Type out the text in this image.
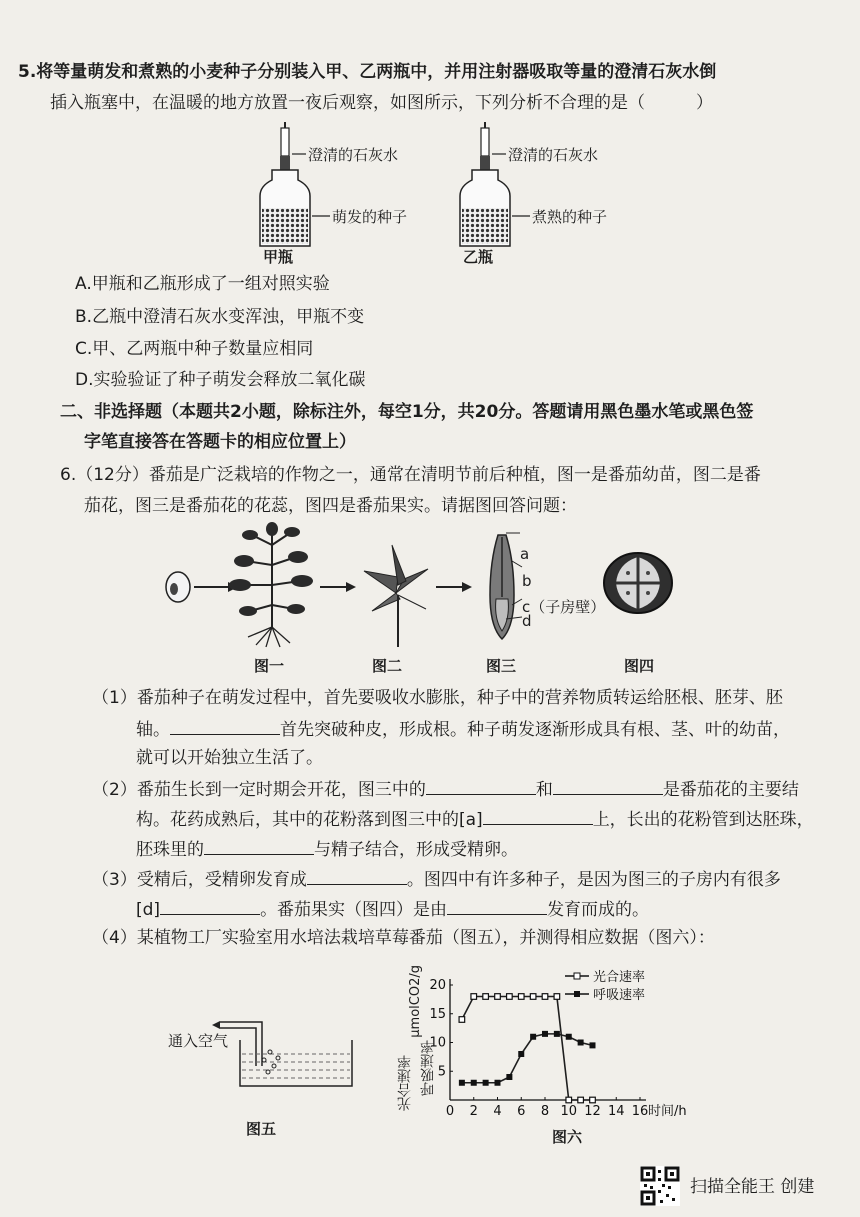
5.将等量萌发和煮熟的小麦种子分别装入甲、乙两瓶中，并用注射器吸取等量的澄清石灰水倒
插入瓶塞中，在温暖的地方放置一夜后观察，如图所示，下列分析不合理的是（　　　）
澄清的石灰水
萌发的种子
甲瓶
澄清的石灰水
煮熟的种子
乙瓶
A.甲瓶和乙瓶形成了一组对照实验
B.乙瓶中澄清石灰水变浑浊，甲瓶不变
C.甲、乙两瓶中种子数量应相同
D.实验验证了种子萌发会释放二氧化碳
二、非选择题（本题共2小题，除标注外，每空1分，共20分。答题请用黑色墨水笔或黑色签
字笔直接答在答题卡的相应位置上）
6.（12分）番茄是广泛栽培的作物之一，通常在清明节前后种植，图一是番茄幼苗，图二是番
茄花，图三是番茄花的花蕊，图四是番茄果实。请据图回答问题：
a
b
c（子房壁）
d
图一	图二	图三	图四
（1）番茄种子在萌发过程中，首先要吸收水膨胀，种子中的营养物质转运给胚根、胚芽、胚
轴。	首先突破种皮，形成根。种子萌发逐渐形成具有根、茎、叶的幼苗，
就可以开始独立生活了。
（2）番茄生长到一定时期会开花，图三中的	和	是番茄花的主要结
构。花药成熟后，其中的花粉落到图三中的[a]	上，长出的花粉管到达胚珠，
胚珠里的	与精子结合，形成受精卵。
（3）受精后，受精卵发育成	。图四中有许多种子，是因为图三的子房内有很多
[d]	。番茄果实（图四）是由	发育而成的。
（4）某植物工厂实验室用水培法栽培草莓番茄（图五），并测得相应数据（图六）：
通入空气
图五
0 2 4 6 8 10 12 14 16
5
10
15
20
时间/h
光合速率
呼吸速率
光合速率 呼吸速率
μmolCO2/g
图六
扫描全能王 创建
